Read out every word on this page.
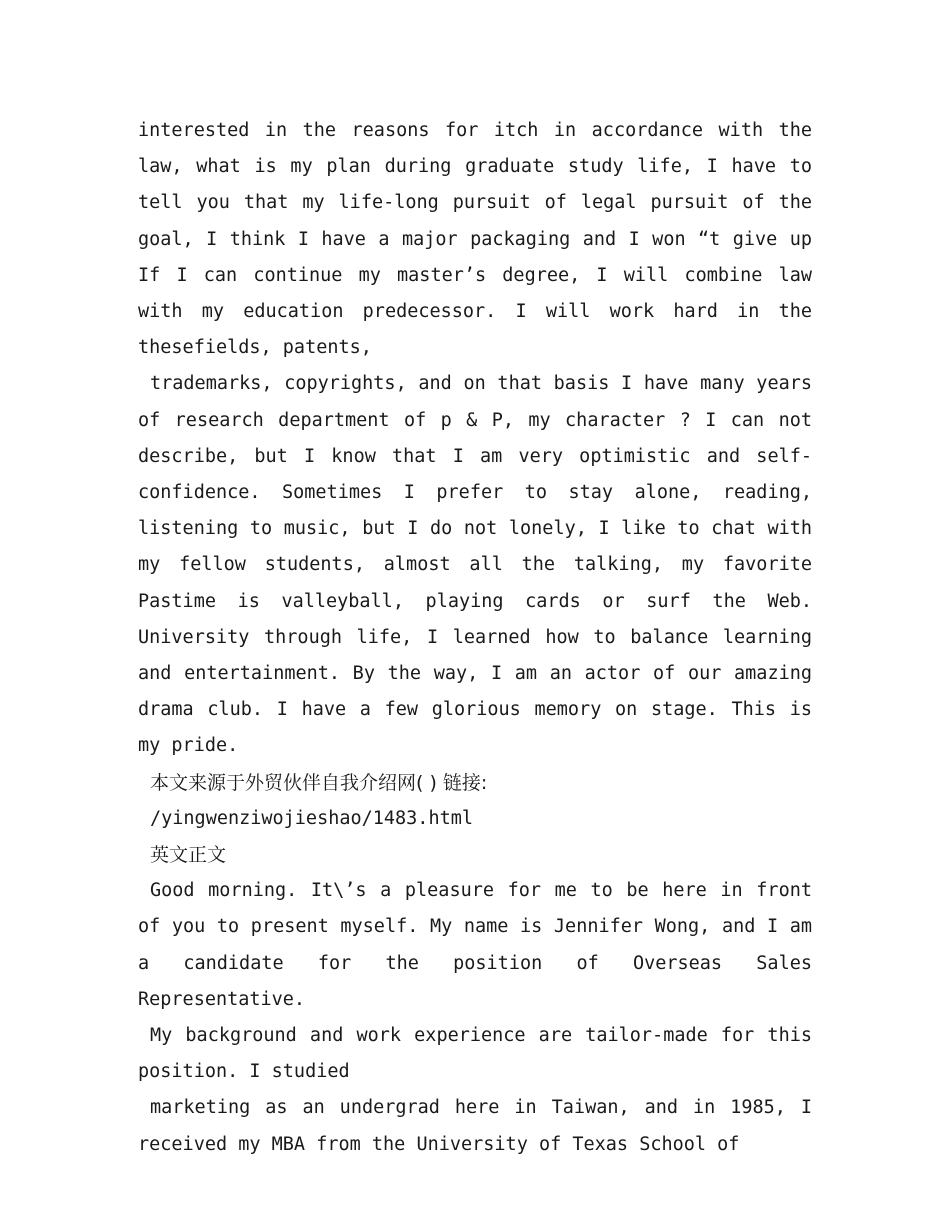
interested in the reasons for itch in accordance with the law, what is my plan during graduate study life, I have to tell you that my life-long pursuit of legal pursuit of the goal, I think I have a major packaging and I won “t give up If I can continue my master’s degree, I will combine law with my education predecessor. I will work hard in the thesefields, patents,

trademarks, copyrights, and on that basis I have many years of research department of p & P, my character ? I can not describe, but I know that I am very optimistic and self-confidence. Sometimes I prefer to stay alone, reading, listening to music, but I do not lonely, I like to chat with my fellow students, almost all the talking, my favorite Pastime is valleyball, playing cards or surf the Web. University through life, I learned how to balance learning and entertainment. By the way, I am an actor of our amazing drama club. I have a few glorious memory on stage. This is my pride.

本文来源于外贸伙伴自我介绍网( ) 链接:

/yingwenziwojieshao/1483.html

英文正文

Good morning. It\’s a pleasure for me to be here in front of you to present myself. My name is Jennifer Wong, and I am a candidate for the position of Overseas Sales Representative.

My background and work experience are tailor-made for this position. I studied

marketing as an undergrad here in Taiwan, and in 1985, I received my MBA from the University of Texas School of
